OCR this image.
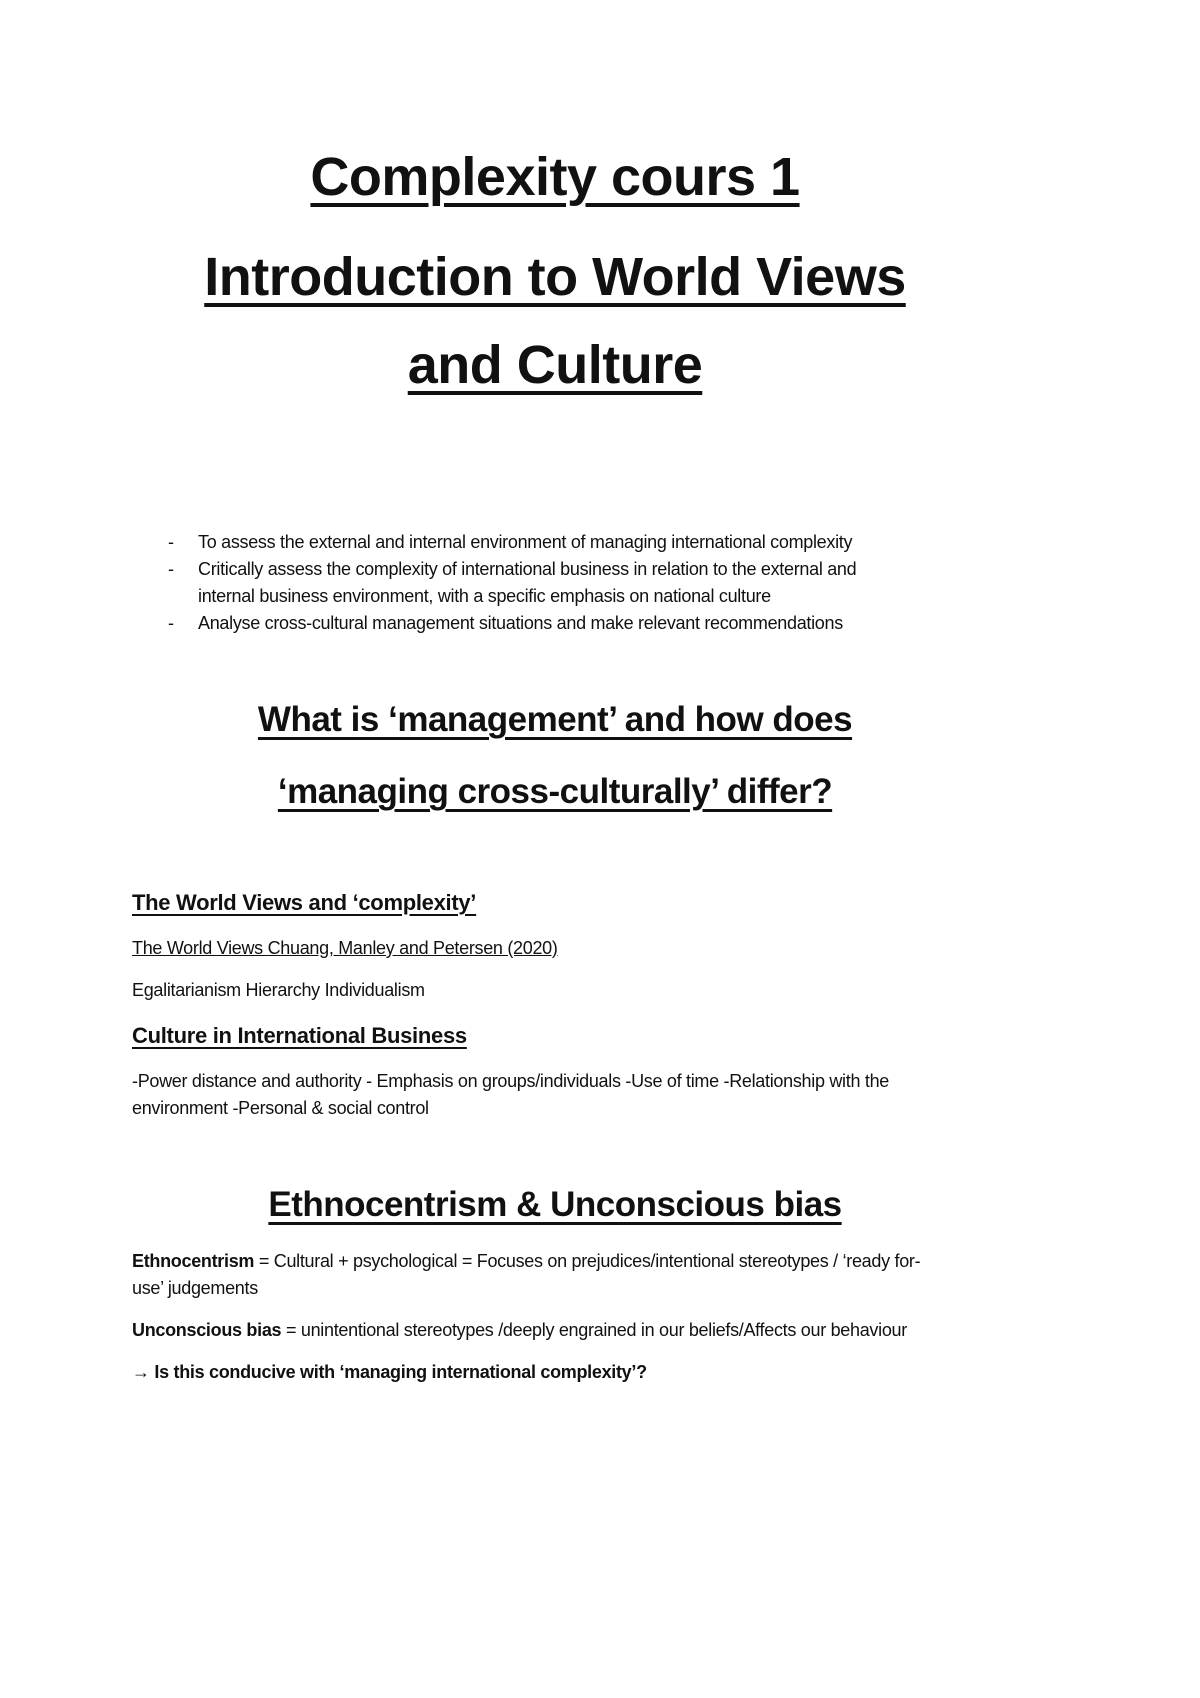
Complexity cours 1
Introduction to World Views
and Culture
- To assess the external and internal environment of managing international complexity
- Critically assess the complexity of international business in relation to the external and
internal business environment, with a specific emphasis on national culture
- Analyse cross-cultural management situations and make relevant recommendations
What is ‘management’ and how does
‘managing cross-culturally’ differ?
The World Views and ‘complexity’
The World Views Chuang, Manley and Petersen (2020)
Egalitarianism Hierarchy Individualism
Culture in International Business
-Power distance and authority - Emphasis on groups/individuals -Use of time -Relationship with the
environment -Personal & social control
Ethnocentrism & Unconscious bias
Ethnocentrism = Cultural + psychological = Focuses on prejudices/intentional stereotypes / ‘ready for-
use’ judgements
Unconscious bias = unintentional stereotypes /deeply engrained in our beliefs/Affects our behaviour
→ Is this conducive with ‘managing international complexity’?
